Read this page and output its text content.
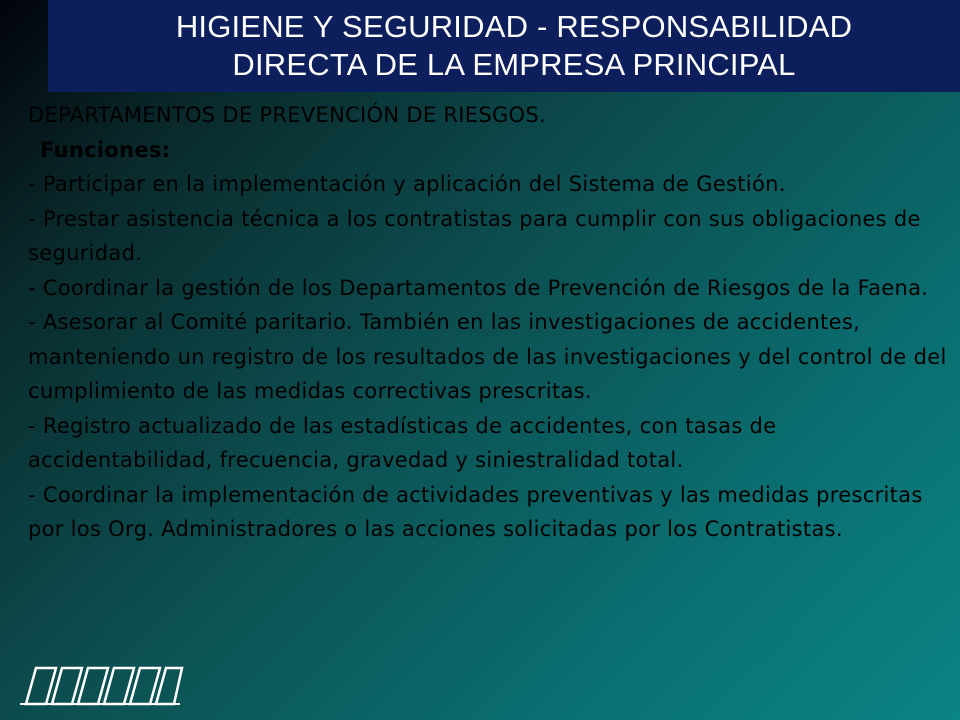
HIGIENE Y SEGURIDAD - RESPONSABILIDAD
DIRECTA DE LA EMPRESA PRINCIPAL

DEPARTAMENTOS DE PREVENCIÓN DE RIESGOS.

Funciones:

- Participar en la implementación y aplicación del Sistema de Gestión.

- Prestar asistencia técnica a los contratistas para cumplir con sus obligaciones de seguridad.

- Coordinar la gestión de los Departamentos de Prevención de Riesgos de la Faena.

- Asesorar al Comité paritario. También en las investigaciones de accidentes, manteniendo un registro de los resultados de las investigaciones y del control de del cumplimiento de las medidas correctivas prescritas.

- Registro actualizado de las estadísticas de accidentes, con tasas de accidentabilidad, frecuencia, gravedad y siniestralidad total.

- Coordinar la implementación de actividades preventivas y las medidas prescritas por los Org. Administradores o las acciones solicitadas por los Contratistas.
